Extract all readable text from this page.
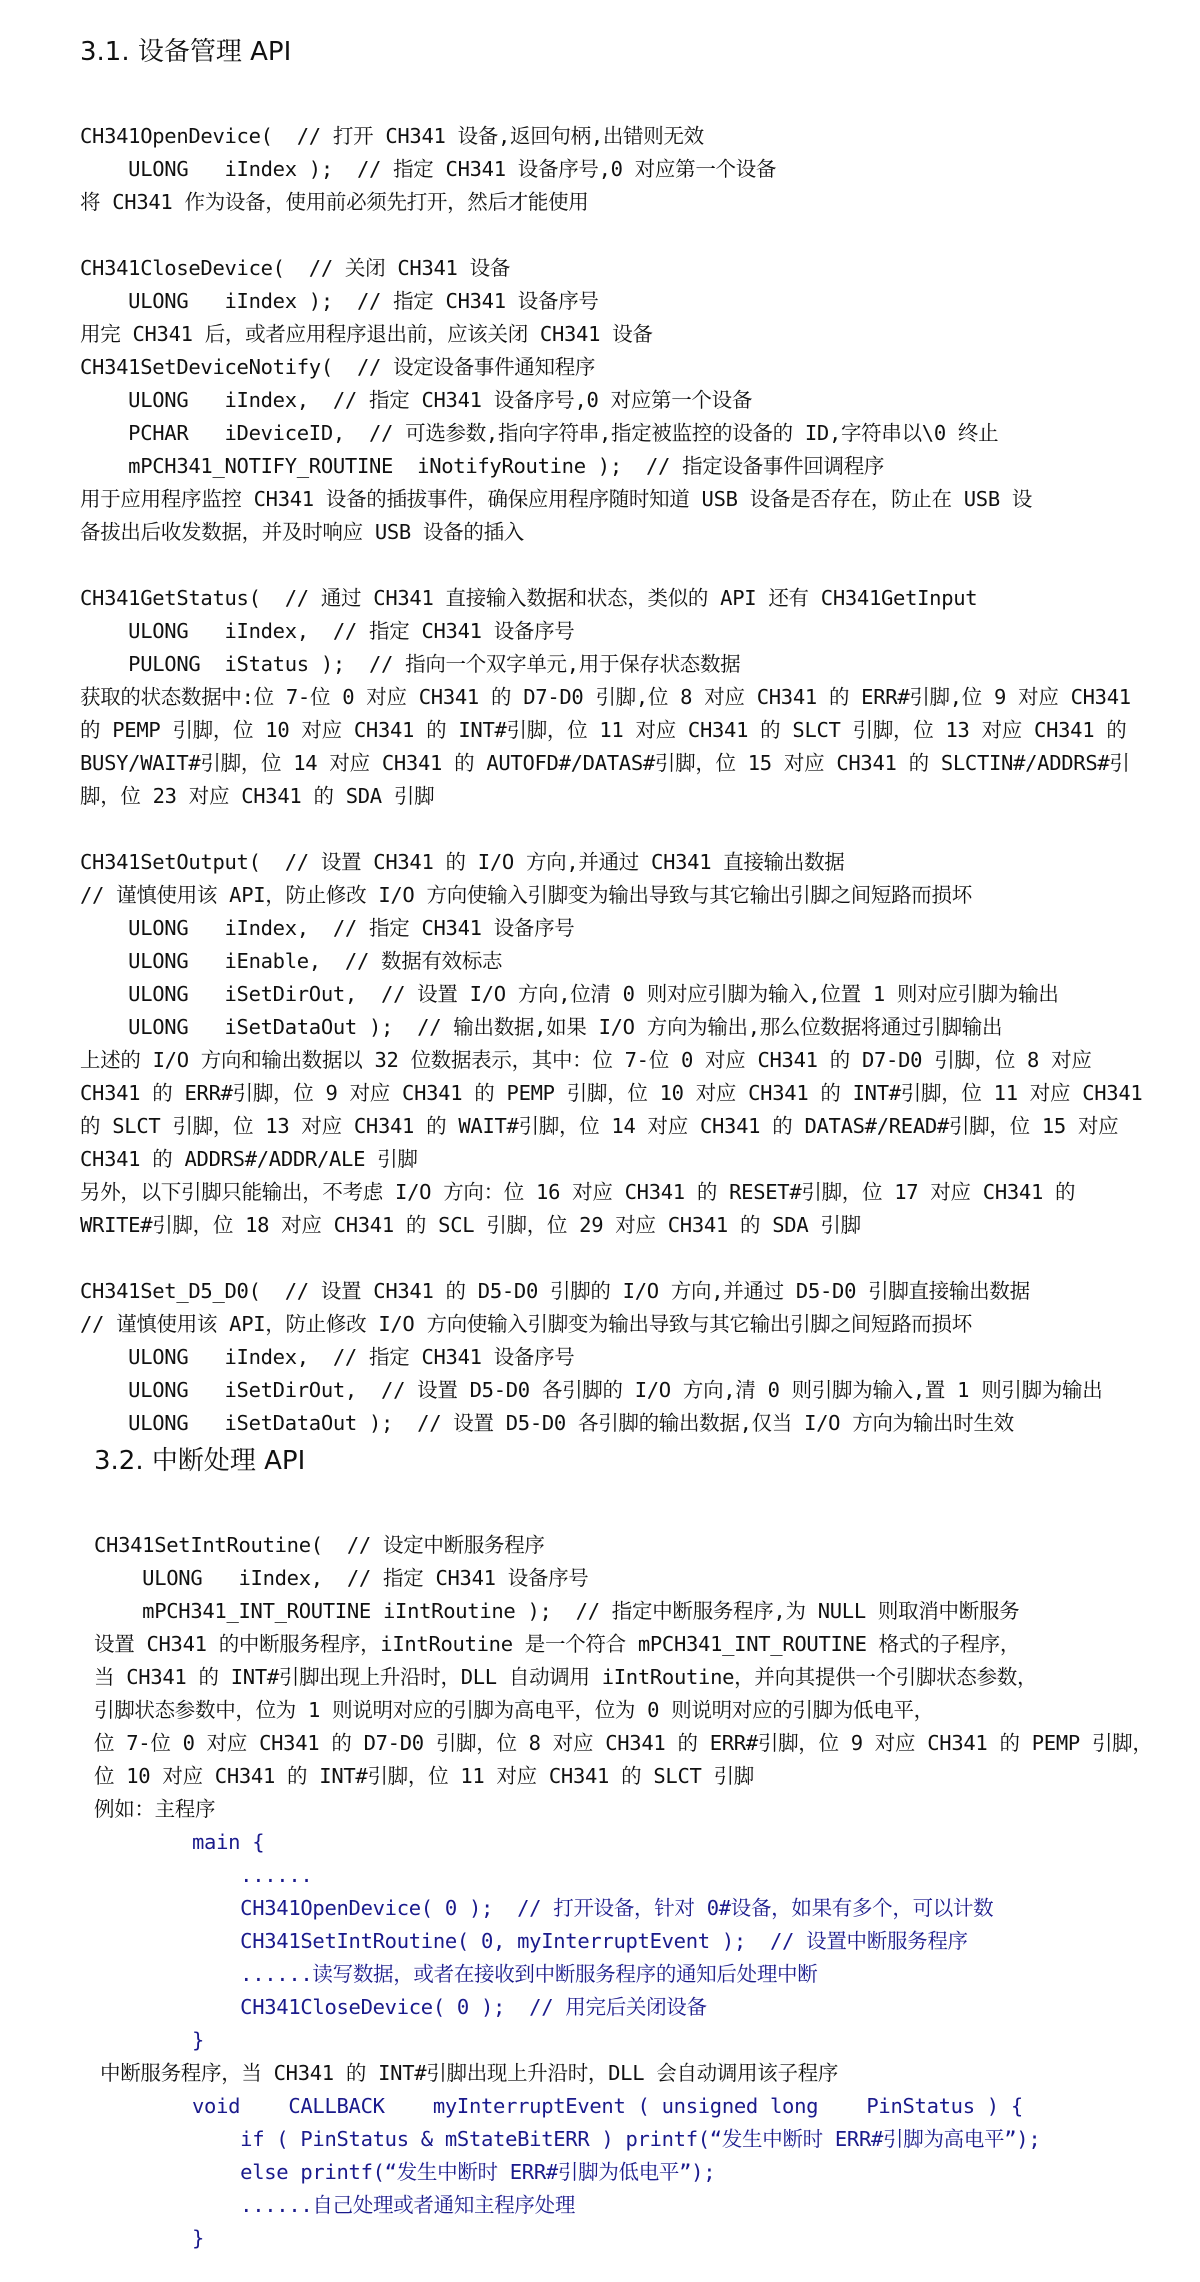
3.1. 设备管理 API
CH341OpenDevice(  // 打开 CH341 设备,返回句柄,出错则无效
ULONG   iIndex );  // 指定 CH341 设备序号,0 对应第一个设备
将 CH341 作为设备，使用前必须先打开，然后才能使用
CH341CloseDevice(  // 关闭 CH341 设备
ULONG   iIndex );  // 指定 CH341 设备序号
用完 CH341 后，或者应用程序退出前，应该关闭 CH341 设备
CH341SetDeviceNotify(  // 设定设备事件通知程序
ULONG   iIndex,  // 指定 CH341 设备序号,0 对应第一个设备
PCHAR   iDeviceID,  // 可选参数,指向字符串,指定被监控的设备的 ID,字符串以\0 终止
mPCH341_NOTIFY_ROUTINE  iNotifyRoutine );  // 指定设备事件回调程序
用于应用程序监控 CH341 设备的插拔事件，确保应用程序随时知道 USB 设备是否存在，防止在 USB 设
备拔出后收发数据，并及时响应 USB 设备的插入
CH341GetStatus(  // 通过 CH341 直接输入数据和状态，类似的 API 还有 CH341GetInput
ULONG   iIndex,  // 指定 CH341 设备序号
PULONG  iStatus );  // 指向一个双字单元,用于保存状态数据
获取的状态数据中:位 7-位 0 对应 CH341 的 D7-D0 引脚,位 8 对应 CH341 的 ERR#引脚,位 9 对应 CH341
的 PEMP 引脚，位 10 对应 CH341 的 INT#引脚，位 11 对应 CH341 的 SLCT 引脚，位 13 对应 CH341 的
BUSY/WAIT#引脚，位 14 对应 CH341 的 AUTOFD#/DATAS#引脚，位 15 对应 CH341 的 SLCTIN#/ADDRS#引
脚，位 23 对应 CH341 的 SDA 引脚
CH341SetOutput(  // 设置 CH341 的 I/O 方向,并通过 CH341 直接输出数据
// 谨慎使用该 API，防止修改 I/O 方向使输入引脚变为输出导致与其它输出引脚之间短路而损坏
ULONG   iIndex,  // 指定 CH341 设备序号
ULONG   iEnable,  // 数据有效标志
ULONG   iSetDirOut,  // 设置 I/O 方向,位清 0 则对应引脚为输入,位置 1 则对应引脚为输出
ULONG   iSetDataOut );  // 输出数据,如果 I/O 方向为输出,那么位数据将通过引脚输出
上述的 I/O 方向和输出数据以 32 位数据表示，其中：位 7-位 0 对应 CH341 的 D7-D0 引脚，位 8 对应
CH341 的 ERR#引脚，位 9 对应 CH341 的 PEMP 引脚，位 10 对应 CH341 的 INT#引脚，位 11 对应 CH341
的 SLCT 引脚，位 13 对应 CH341 的 WAIT#引脚，位 14 对应 CH341 的 DATAS#/READ#引脚，位 15 对应
CH341 的 ADDRS#/ADDR/ALE 引脚
另外，以下引脚只能输出，不考虑 I/O 方向：位 16 对应 CH341 的 RESET#引脚，位 17 对应 CH341 的
WRITE#引脚，位 18 对应 CH341 的 SCL 引脚，位 29 对应 CH341 的 SDA 引脚
CH341Set_D5_D0(  // 设置 CH341 的 D5-D0 引脚的 I/O 方向,并通过 D5-D0 引脚直接输出数据
// 谨慎使用该 API，防止修改 I/O 方向使输入引脚变为输出导致与其它输出引脚之间短路而损坏
ULONG   iIndex,  // 指定 CH341 设备序号
ULONG   iSetDirOut,  // 设置 D5-D0 各引脚的 I/O 方向,清 0 则引脚为输入,置 1 则引脚为输出
ULONG   iSetDataOut );  // 设置 D5-D0 各引脚的输出数据,仅当 I/O 方向为输出时生效
3.2. 中断处理 API
CH341SetIntRoutine(  // 设定中断服务程序
ULONG   iIndex,  // 指定 CH341 设备序号
mPCH341_INT_ROUTINE iIntRoutine );  // 指定中断服务程序,为 NULL 则取消中断服务
设置 CH341 的中断服务程序，iIntRoutine 是一个符合 mPCH341_INT_ROUTINE 格式的子程序，
当 CH341 的 INT#引脚出现上升沿时，DLL 自动调用 iIntRoutine，并向其提供一个引脚状态参数，
引脚状态参数中，位为 1 则说明对应的引脚为高电平，位为 0 则说明对应的引脚为低电平，
位 7-位 0 对应 CH341 的 D7-D0 引脚，位 8 对应 CH341 的 ERR#引脚，位 9 对应 CH341 的 PEMP 引脚，
位 10 对应 CH341 的 INT#引脚，位 11 对应 CH341 的 SLCT 引脚
例如：主程序
main {
......
CH341OpenDevice( 0 );  // 打开设备，针对 0#设备，如果有多个，可以计数
CH341SetIntRoutine( 0, myInterruptEvent );  // 设置中断服务程序
......读写数据，或者在接收到中断服务程序的通知后处理中断
CH341CloseDevice( 0 );  // 用完后关闭设备
}
中断服务程序，当 CH341 的 INT#引脚出现上升沿时，DLL 会自动调用该子程序
void    CALLBACK    myInterruptEvent ( unsigned long    PinStatus ) {
if ( PinStatus & mStateBitERR ) printf(“发生中断时 ERR#引脚为高电平”);
else printf(“发生中断时 ERR#引脚为低电平”);
......自己处理或者通知主程序处理
}
